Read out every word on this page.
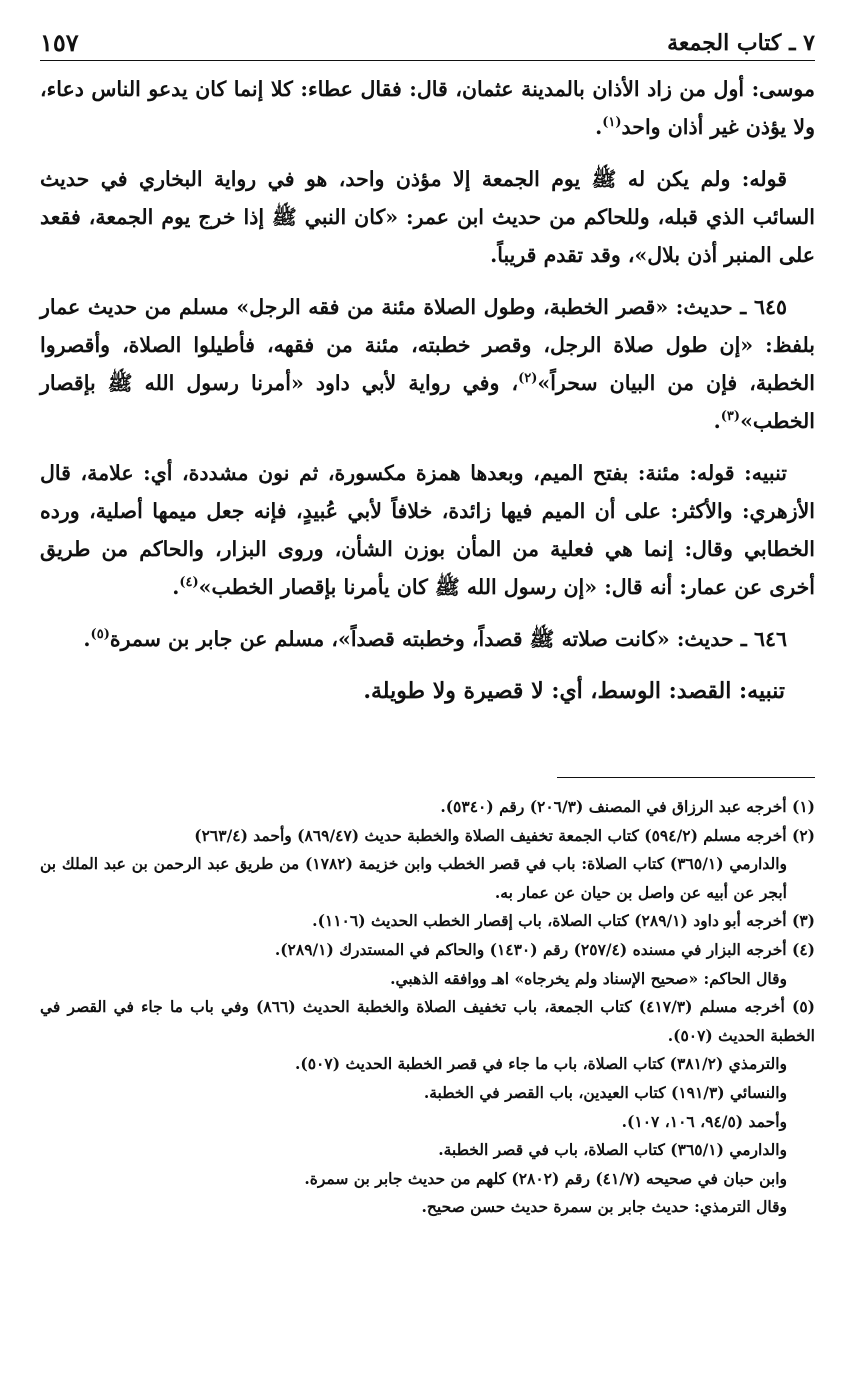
٧ ـ كتاب الجمعة
١٥٧

موسى: أول من زاد الأذان بالمدينة عثمان، قال: فقال عطاء: كلا إنما كان يدعو الناس دعاء، ولا يؤذن غير أذان واحد$^{(١)}$.

قوله: ولم يكن له ﷺ يوم الجمعة إلا مؤذن واحد، هو في رواية البخاري في حديث السائب الذي قبله، وللحاكم من حديث ابن عمر: «كان النبي ﷺ إذا خرج يوم الجمعة، فقعد على المنبر أذن بلال»، وقد تقدم قريباً.

٦٤٥ ـ حديث: «قصر الخطبة، وطول الصلاة مئنة من فقه الرجل» مسلم من حديث عمار بلفظ: «إن طول صلاة الرجل، وقصر خطبته، مئنة من فقهه، فأطيلوا الصلاة، وأقصروا الخطبة، فإن من البيان سحراً»$^{(٢)}$، وفي رواية لأبي داود «أمرنا رسول الله ﷺ بإقصار الخطب»$^{(٣)}$.

تنبيه: قوله: مئنة: بفتح الميم، وبعدها همزة مكسورة، ثم نون مشددة، أي: علامة، قال الأزهري: والأكثر: على أن الميم فيها زائدة، خلافاً لأبي عُبيدٍ، فإنه جعل ميمها أصلية، ورده الخطابي وقال: إنما هي فعلية من المأن بوزن الشأن، وروى البزار، والحاكم من طريق أخرى عن عمار: أنه قال: «إن رسول الله ﷺ كان يأمرنا بإقصار الخطب»$^{(٤)}$.

٦٤٦ ـ حديث: «كانت صلاته ﷺ قصداً، وخطبته قصداً»، مسلم عن جابر بن سمرة$^{(٥)}$.

تنبيه: القصد: الوسط، أي: لا قصيرة ولا طويلة.

(١) أخرجه عبد الرزاق في المصنف (٢٠٦/٣) رقم (٥٣٤٠).

(٢) أخرجه مسلم (٥٩٤/٢) كتاب الجمعة تخفيف الصلاة والخطبة حديث (٨٦٩/٤٧) وأحمد (٢٦٣/٤)

والدارمي (٣٦٥/١) كتاب الصلاة: باب في قصر الخطب وابن خزيمة (١٧٨٢) من طريق عبد الرحمن بن عبد الملك بن أبجر عن أبيه عن واصل بن حيان عن عمار به.

(٣) أخرجه أبو داود (٢٨٩/١) كتاب الصلاة، باب إقصار الخطب الحديث (١١٠٦).

(٤) أخرجه البزار في مسنده (٢٥٧/٤) رقم (١٤٣٠) والحاكم في المستدرك (٢٨٩/١).

وقال الحاكم: «صحيح الإسناد ولم يخرجاه» اهـ ووافقه الذهبي.

(٥) أخرجه مسلم (٤١٧/٣) كتاب الجمعة، باب تخفيف الصلاة والخطبة الحديث (٨٦٦) وفي باب ما جاء في القصر في الخطبة الحديث (٥٠٧).

والترمذي (٣٨١/٢) كتاب الصلاة، باب ما جاء في قصر الخطبة الحديث (٥٠٧).

والنسائي (١٩١/٣) كتاب العيدين، باب القصر في الخطبة.

وأحمد (٩٤/٥، ١٠٦، ١٠٧).

والدارمي (٣٦٥/١) كتاب الصلاة، باب في قصر الخطبة.

وابن حبان في صحيحه (٤١/٧) رقم (٢٨٠٢) كلهم من حديث جابر بن سمرة.

وقال الترمذي: حديث جابر بن سمرة حديث حسن صحيح.
